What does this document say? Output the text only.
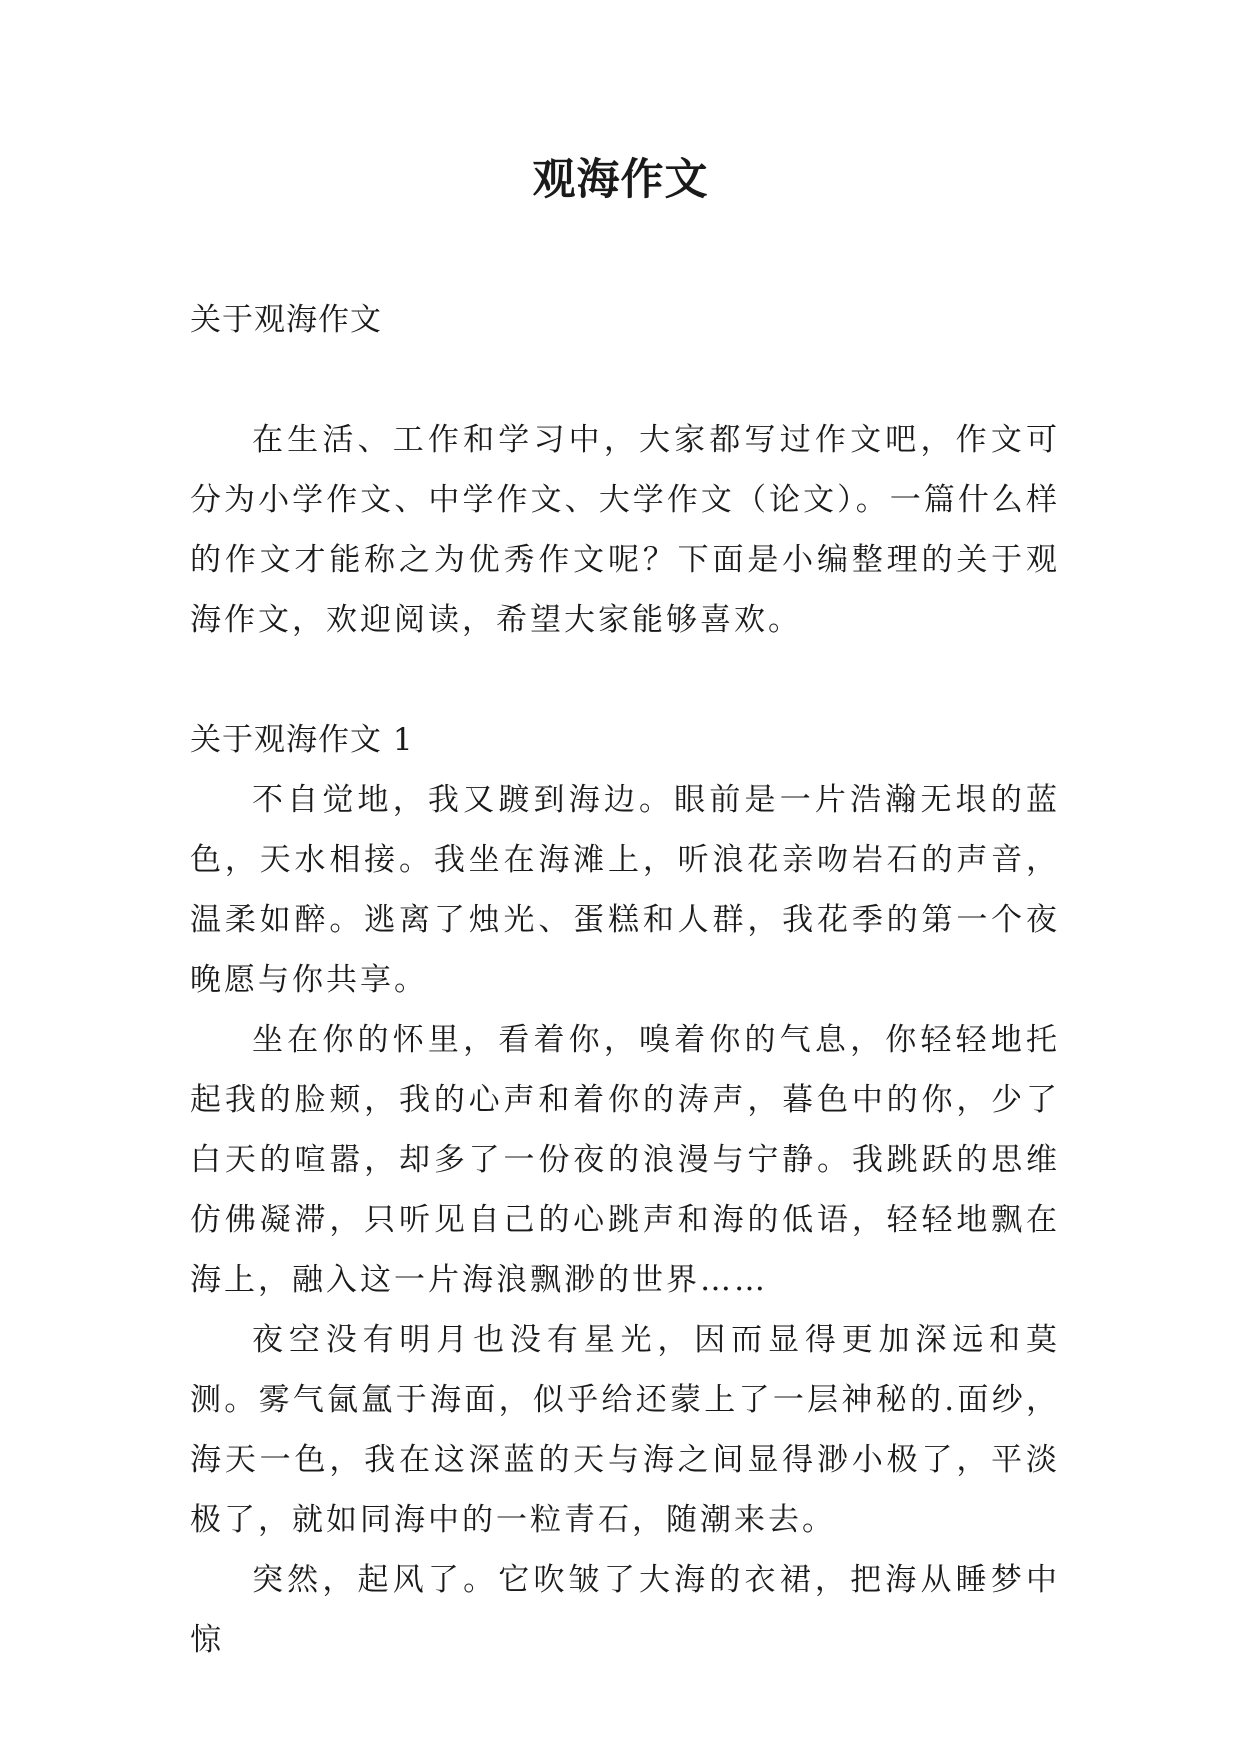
观海作文

关于观海作文

在生活、工作和学习中，大家都写过作文吧，作文可分为小学作文、中学作文、大学作文（论文）。一篇什么样的作文才能称之为优秀作文呢？下面是小编整理的关于观海作文，欢迎阅读，希望大家能够喜欢。

关于观海作文 1

不自觉地，我又踱到海边。眼前是一片浩瀚无垠的蓝色，天水相接。我坐在海滩上，听浪花亲吻岩石的声音，温柔如醉。逃离了烛光、蛋糕和人群，我花季的第一个夜晚愿与你共享。

坐在你的怀里，看着你，嗅着你的气息，你轻轻地托起我的脸颊，我的心声和着你的涛声，暮色中的你，少了白天的喧嚣，却多了一份夜的浪漫与宁静。我跳跃的思维仿佛凝滞，只听见自己的心跳声和海的低语，轻轻地飘在海上，融入这一片海浪飘渺的世界……

夜空没有明月也没有星光，因而显得更加深远和莫测。雾气氤氲于海面，似乎给还蒙上了一层神秘的.面纱，海天一色，我在这深蓝的天与海之间显得渺小极了，平淡极了，就如同海中的一粒青石，随潮来去。

突然，起风了。它吹皱了大海的衣裙，把海从睡梦中惊
